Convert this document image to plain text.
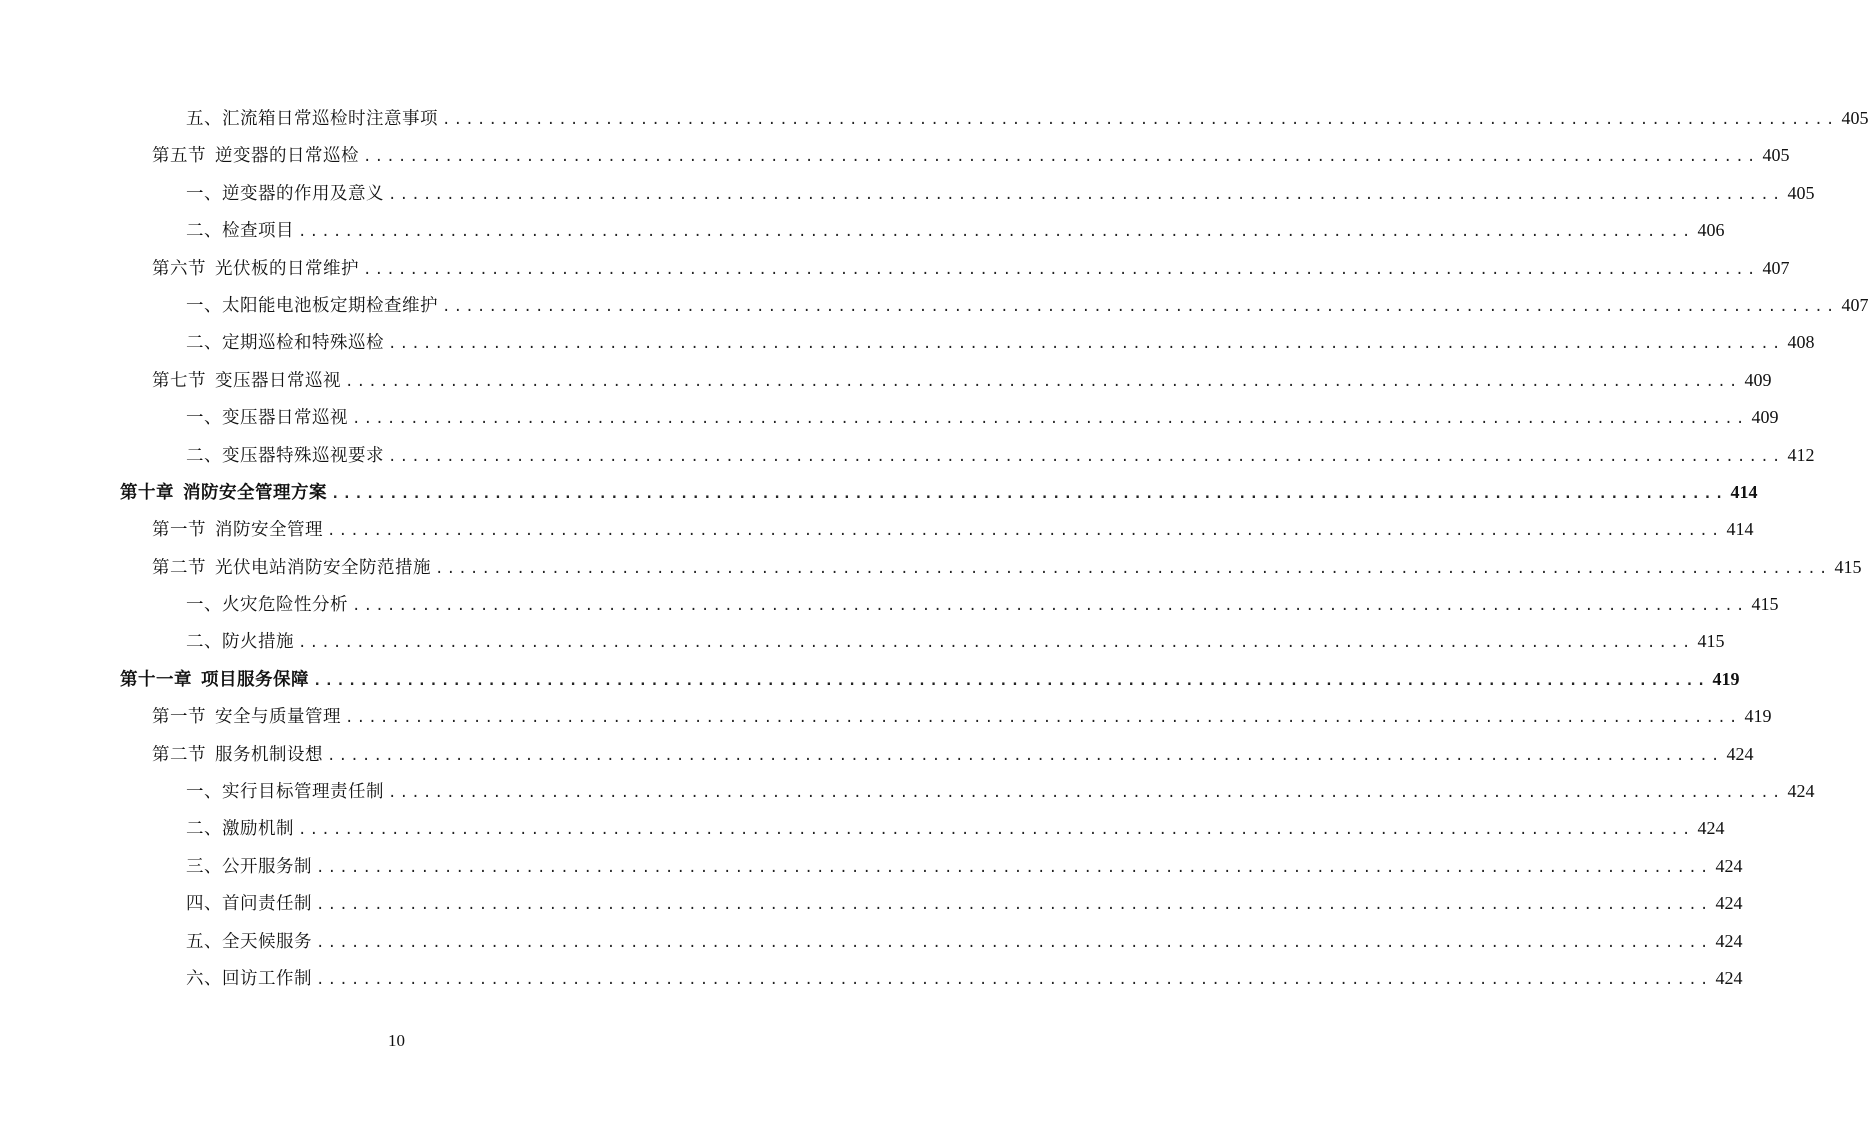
五、汇流箱日常巡检时注意事项 ........................................................................................................................ 405
第五节 逆变器的日常巡检 ........................................................................................................................ 405
一、逆变器的作用及意义 ........................................................................................................................ 405
二、检查项目 ........................................................................................................................ 406
第六节 光伏板的日常维护 ........................................................................................................................ 407
一、太阳能电池板定期检查维护 ........................................................................................................................ 407
二、定期巡检和特殊巡检 ........................................................................................................................ 408
第七节 变压器日常巡视 ........................................................................................................................ 409
一、变压器日常巡视 ........................................................................................................................ 409
二、变压器特殊巡视要求 ........................................................................................................................ 412
第十章 消防安全管理方案 ........................................................................................................................ 414
第一节 消防安全管理 ........................................................................................................................ 414
第二节 光伏电站消防安全防范措施 ........................................................................................................................ 415
一、火灾危险性分析 ........................................................................................................................ 415
二、防火措施 ........................................................................................................................ 415
第十一章 项目服务保障 ........................................................................................................................ 419
第一节 安全与质量管理 ........................................................................................................................ 419
第二节 服务机制设想 ........................................................................................................................ 424
一、实行目标管理责任制 ........................................................................................................................ 424
二、激励机制 ........................................................................................................................ 424
三、公开服务制 ........................................................................................................................ 424
四、首问责任制 ........................................................................................................................ 424
五、全天候服务 ........................................................................................................................ 424
六、回访工作制 ........................................................................................................................ 424
10
